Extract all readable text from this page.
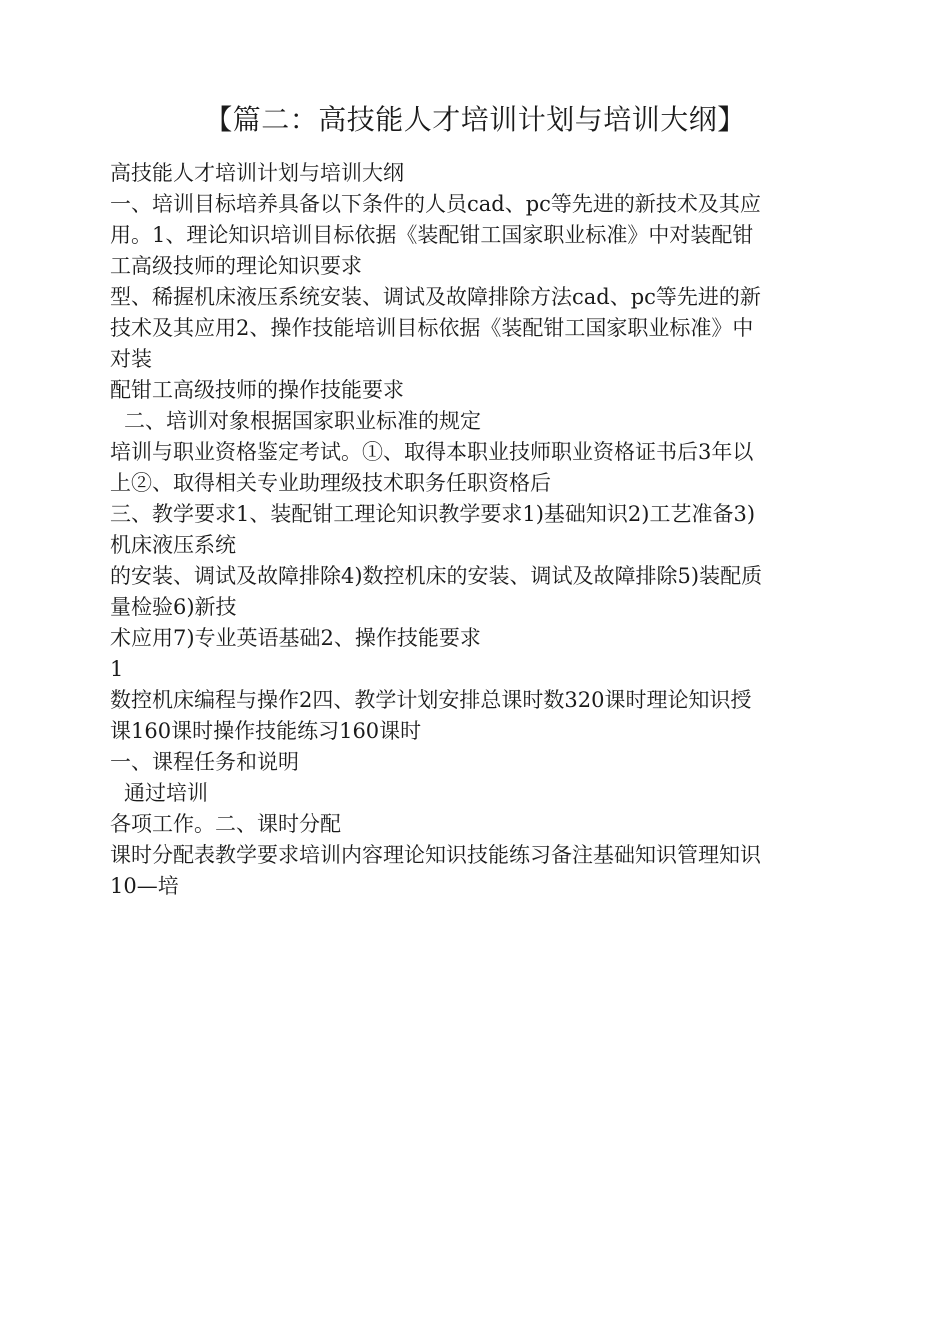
【篇二：高技能人才培训计划与培训大纲】

高技能人才培训计划与培训大纲

一、培训目标培养具备以下条件的人员cad、pc等先进的新技术及其应

用。1、理论知识培训目标依据《装配钳工国家职业标准》中对装配钳

工高级技师的理论知识要求

型、稀握机床液压系统安装、调试及故障排除方法cad、pc等先进的新

技术及其应用2、操作技能培训目标依据《装配钳工国家职业标准》中

对装

配钳工高级技师的操作技能要求

二、培训对象根据国家职业标准的规定

培训与职业资格鉴定考试。①、取得本职业技师职业资格证书后3年以

上②、取得相关专业助理级技术职务任职资格后

三、教学要求1、装配钳工理论知识教学要求1)基础知识2)工艺准备3)

机床液压系统

的安装、调试及故障排除4)数控机床的安装、调试及故障排除5)装配质

量检验6)新技

术应用7)专业英语基础2、操作技能要求

1

数控机床编程与操作2四、教学计划安排总课时数320课时理论知识授

课160课时操作技能练习160课时

一、课程任务和说明

通过培训

各项工作。二、课时分配

课时分配表教学要求培训内容理论知识技能练习备注基础知识管理知识

10—培
